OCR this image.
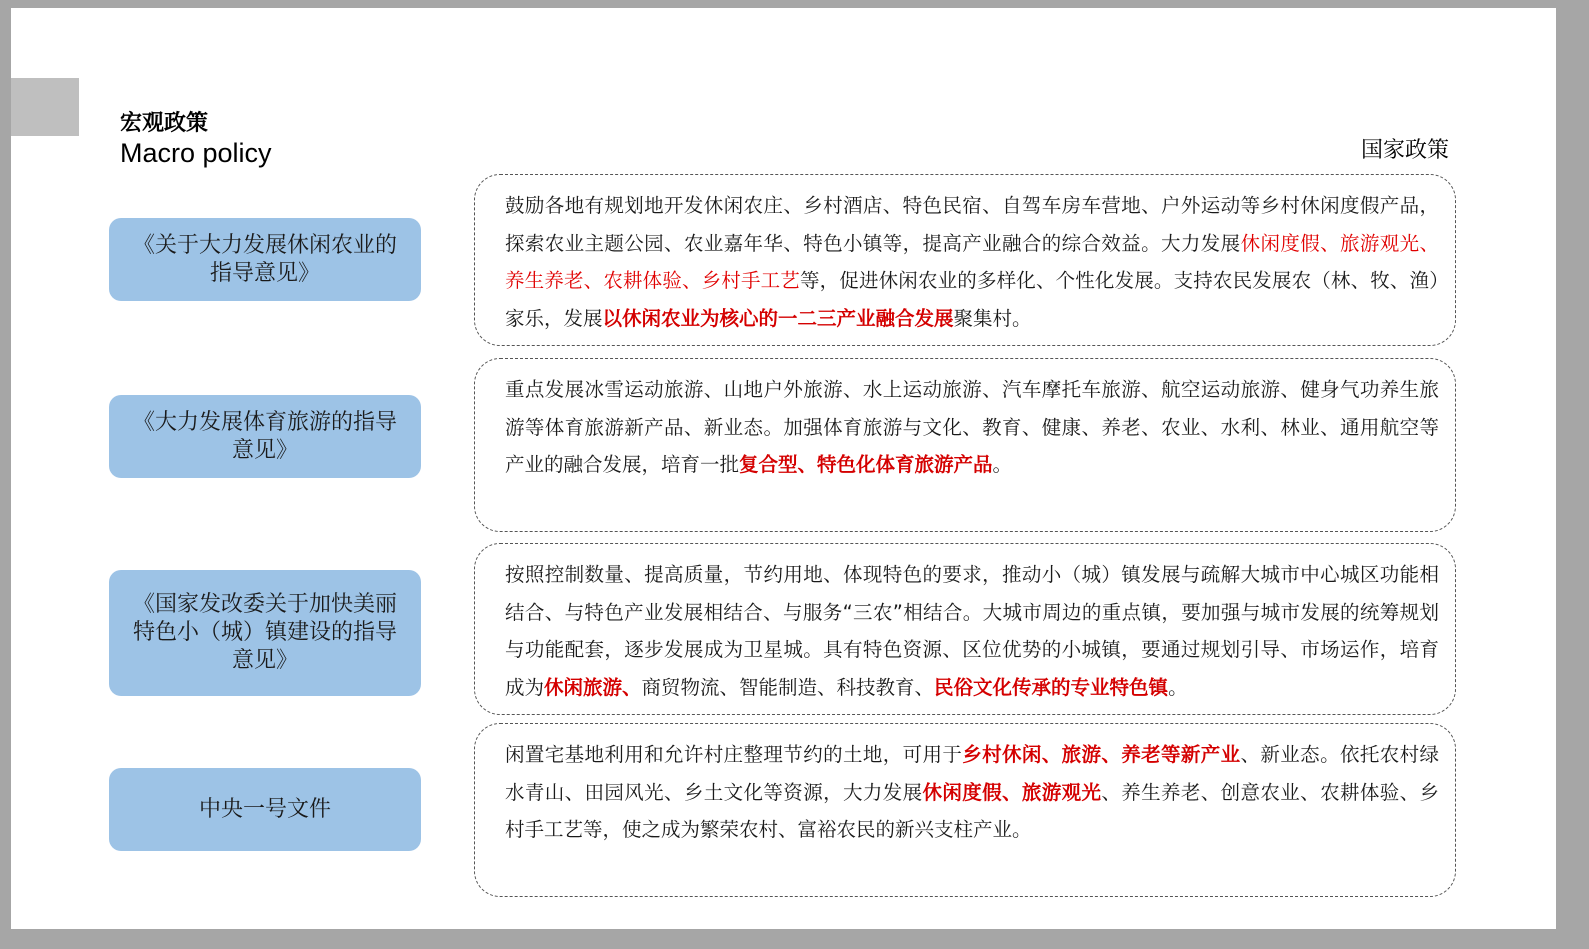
宏观政策
Macro policy	国家政策
《关于大力发展休闲农业的指导意见》
鼓励各地有规划地开发休闲农庄、乡村酒店、特色民宿、自驾车房车营地、户外运动等乡村休闲度假产品，探索农业主题公园、农业嘉年华、特色小镇等，提高产业融合的综合效益。大力发展休闲度假、旅游观光、养生养老、农耕体验、乡村手工艺等，促进休闲农业的多样化、个性化发展。支持农民发展农（林、牧、渔）家乐，发展以休闲农业为核心的一二三产业融合发展聚集村。
《大力发展体育旅游的指导意见》
重点发展冰雪运动旅游、山地户外旅游、水上运动旅游、汽车摩托车旅游、航空运动旅游、健身气功养生旅游等体育旅游新产品、新业态。加强体育旅游与文化、教育、健康、养老、农业、水利、林业、通用航空等产业的融合发展，培育一批复合型、特色化体育旅游产品。
《国家发改委关于加快美丽特色小（城）镇建设的指导意见》
按照控制数量、提高质量，节约用地、体现特色的要求，推动小（城）镇发展与疏解大城市中心城区功能相结合、与特色产业发展相结合、与服务“三农”相结合。大城市周边的重点镇，要加强与城市发展的统筹规划与功能配套，逐步发展成为卫星城。具有特色资源、区位优势的小城镇，要通过规划引导、市场运作，培育成为休闲旅游、商贸物流、智能制造、科技教育、民俗文化传承的专业特色镇。
中央一号文件
闲置宅基地利用和允许村庄整理节约的土地，可用于乡村休闲、旅游、养老等新产业、新业态。依托农村绿水青山、田园风光、乡土文化等资源，大力发展休闲度假、旅游观光、养生养老、创意农业、农耕体验、乡村手工艺等，使之成为繁荣农村、富裕农民的新兴支柱产业。
